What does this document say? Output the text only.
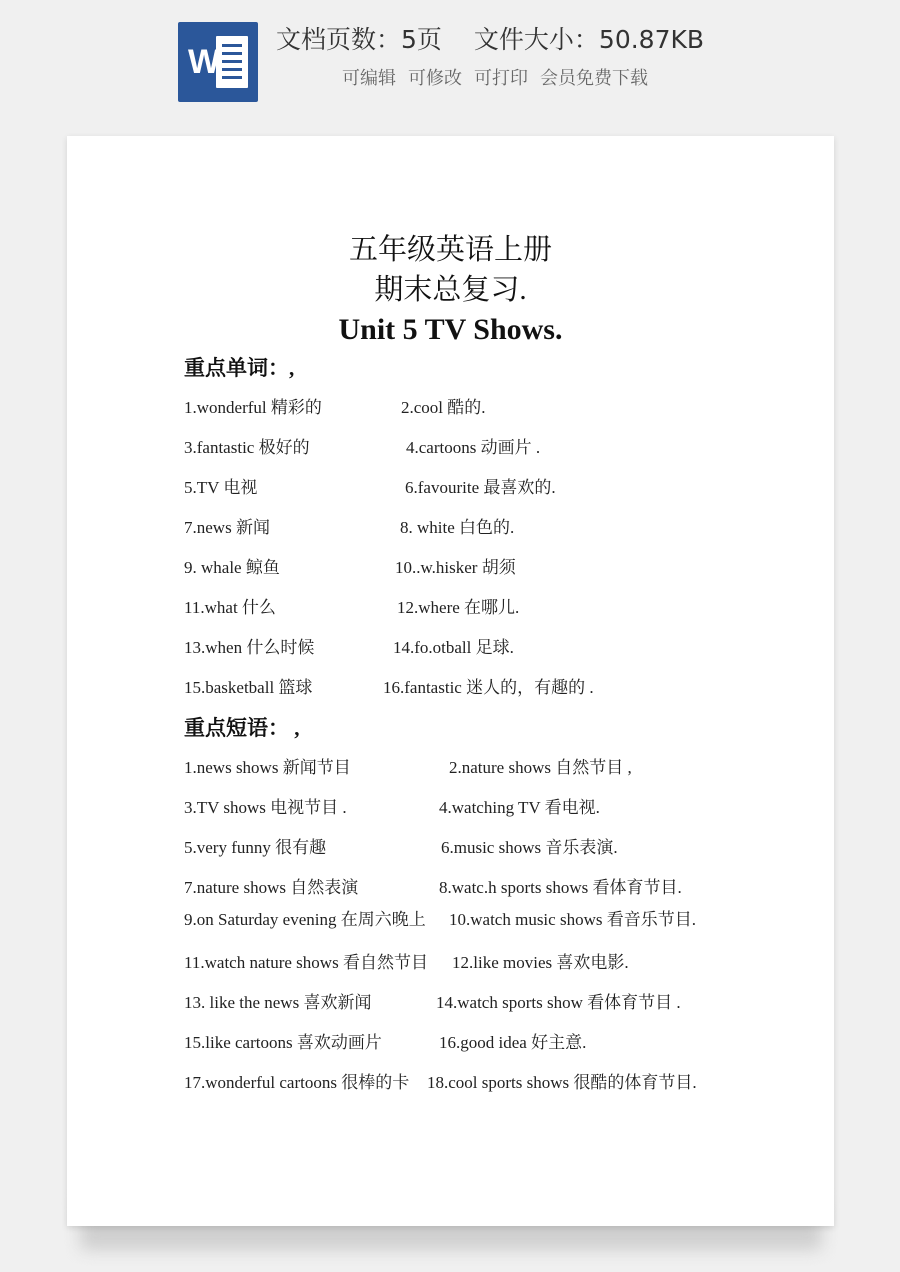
W
文档页数：5页 文件大小：50.87KB
可编辑 可修改 可打印 会员免费下载
五年级英语上册
期末总复习.
Unit 5 TV Shows.
重点单词：,
1.wonderful 精彩的	2.cool 酷的.
3.fantastic 极好的	4.cartoons 动画片 .
5.TV 电视	6.favourite 最喜欢的.
7.news 新闻	8. white 白色的.
9. whale 鲸鱼	10..w.hisker 胡须
11.what 什么	12.where 在哪儿.
13.when 什么时候	14.fo.otball 足球.
15.basketball 篮球	16.fantastic 迷人的，有趣的 .
重点短语： ,
1.news shows 新闻节目	2.nature shows 自然节目 ,
3.TV shows 电视节目 .	4.watching TV 看电视.
5.very funny 很有趣	6.music shows 音乐表演.
7.nature shows 自然表演	8.watc.h sports shows 看体育节目.
9.on Saturday evening 在周六晚上 10.watch music shows 看音乐节目.
11.watch nature shows 看自然节目 12.like movies 喜欢电影.
13. like the news 喜欢新闻	14.watch sports show 看体育节目 .
15.like cartoons 喜欢动画片	16.good idea 好主意.
17.wonderful cartoons 很棒的卡 18.cool sports shows 很酷的体育节目.
